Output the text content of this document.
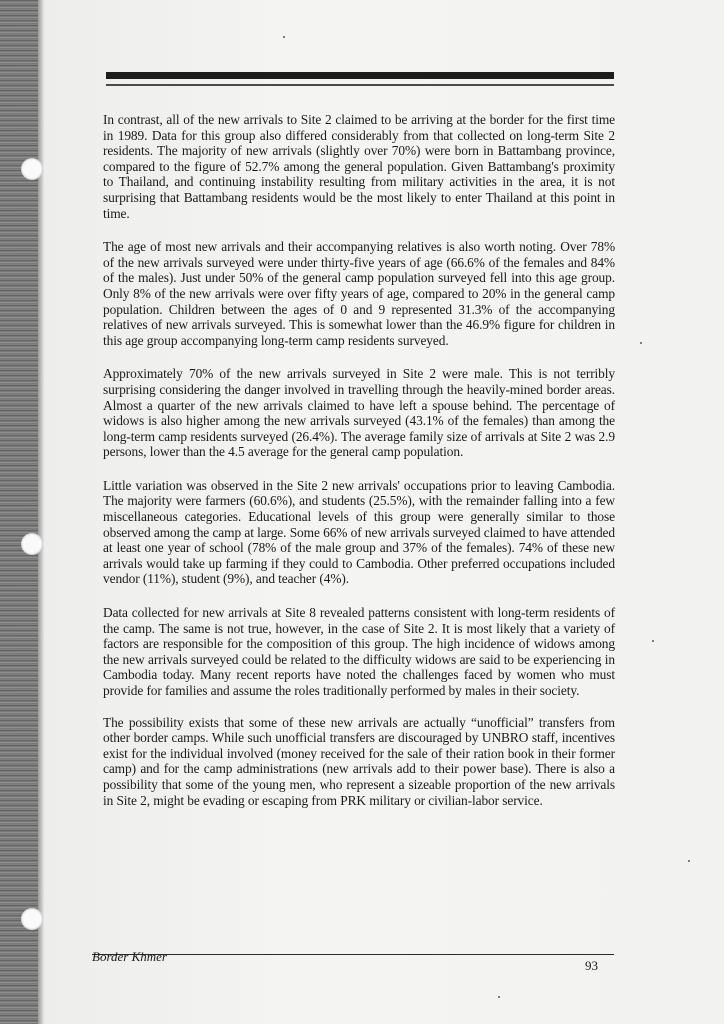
In contrast, all of the new arrivals to Site 2 claimed to be arriving at the border for the first time in 1989. Data for this group also differed considerably from that collected on long-term Site 2 residents. The majority of new arrivals (slightly over 70%) were born in Battambang province, compared to the figure of 52.7% among the general population. Given Battambang's proximity to Thailand, and continuing instability resulting from military activities in the area, it is not surprising that Battambang residents would be the most likely to enter Thailand at this point in time.

The age of most new arrivals and their accompanying relatives is also worth noting. Over 78% of the new arrivals surveyed were under thirty-five years of age (66.6% of the females and 84% of the males). Just under 50% of the general camp population surveyed fell into this age group. Only 8% of the new arrivals were over fifty years of age, compared to 20% in the general camp population. Children between the ages of 0 and 9 represented 31.3% of the accompanying relatives of new arrivals surveyed. This is somewhat lower than the 46.9% figure for children in this age group accompanying long-term camp residents surveyed.

Approximately 70% of the new arrivals surveyed in Site 2 were male. This is not terribly surprising considering the danger involved in travelling through the heavily-mined border areas. Almost a quarter of the new arrivals claimed to have left a spouse behind. The percentage of widows is also higher among the new arrivals surveyed (43.1% of the females) than among the long-term camp residents surveyed (26.4%). The average family size of arrivals at Site 2 was 2.9 persons, lower than the 4.5 average for the general camp population.

Little variation was observed in the Site 2 new arrivals' occupations prior to leaving Cambodia. The majority were farmers (60.6%), and students (25.5%), with the remainder falling into a few miscellaneous categories. Educational levels of this group were generally similar to those observed among the camp at large. Some 66% of new arrivals surveyed claimed to have attended at least one year of school (78% of the male group and 37% of the females). 74% of these new arrivals would take up farming if they could to Cambodia. Other preferred occupations included vendor (11%), student (9%), and teacher (4%).

Data collected for new arrivals at Site 8 revealed patterns consistent with long-term residents of the camp. The same is not true, however, in the case of Site 2. It is most likely that a variety of factors are responsible for the composition of this group. The high incidence of widows among the new arrivals surveyed could be related to the difficulty widows are said to be experiencing in Cambodia today. Many recent reports have noted the challenges faced by women who must provide for families and assume the roles traditionally performed by males in their society.

The possibility exists that some of these new arrivals are actually “unofficial” transfers from other border camps. While such unofficial transfers are discouraged by UNBRO staff, incentives exist for the individual involved (money received for the sale of their ration book in their former camp) and for the camp administrations (new arrivals add to their power base). There is also a possibility that some of the young men, who represent a sizeable proportion of the new arrivals in Site 2, might be evading or escaping from PRK military or civilian-labor service.

Border Khmer
93
